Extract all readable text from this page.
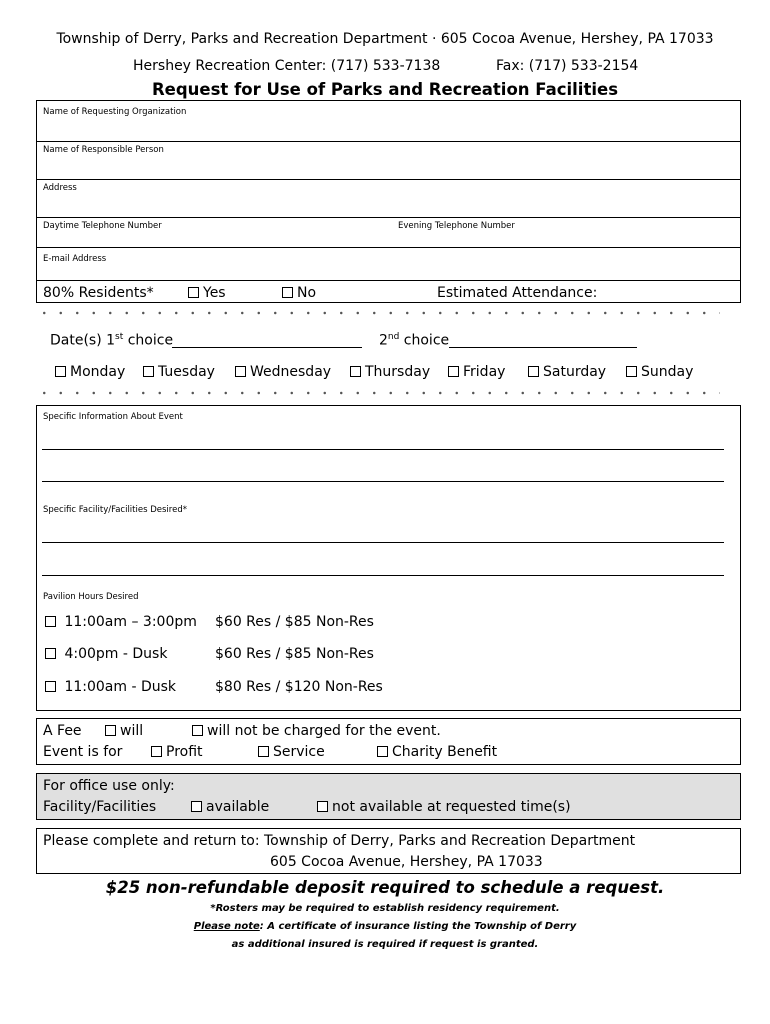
Township of Derry, Parks and Recreation Department · 605 Cocoa Avenue, Hershey, PA 17033
Hershey Recreation Center: (717) 533-7138	Fax: (717) 533-2154
Request for Use of Parks and Recreation Facilities
Name of Requesting Organization
Name of Responsible Person
Address
Daytime Telephone Number	Evening Telephone Number
E-mail Address
80% Residents*	Yes	No	Estimated Attendance:
Date(s) 1st choice	2nd choice
Monday	Tuesday	Wednesday	Thursday	Friday	Saturday	Sunday
Specific Information About Event
Specific Facility/Facilities Desired*
Pavilion Hours Desired
11:00am – 3:00pm $60 Res / $85 Non-Res
4:00pm - Dusk	$60 Res / $85 Non-Res
11:00am - Dusk	$80 Res / $120 Non-Res
A Fee	will	will not be charged for the event.
Event is for	Profit	Service	Charity Benefit
For office use only:
Facility/Facilities	available	not available at requested time(s)
Please complete and return to: Township of Derry, Parks and Recreation Department
605 Cocoa Avenue, Hershey, PA 17033
$25 non-refundable deposit required to schedule a request.
*Rosters may be required to establish residency requirement.
Please note: A certificate of insurance listing the Township of Derry
as additional insured is required if request is granted.
